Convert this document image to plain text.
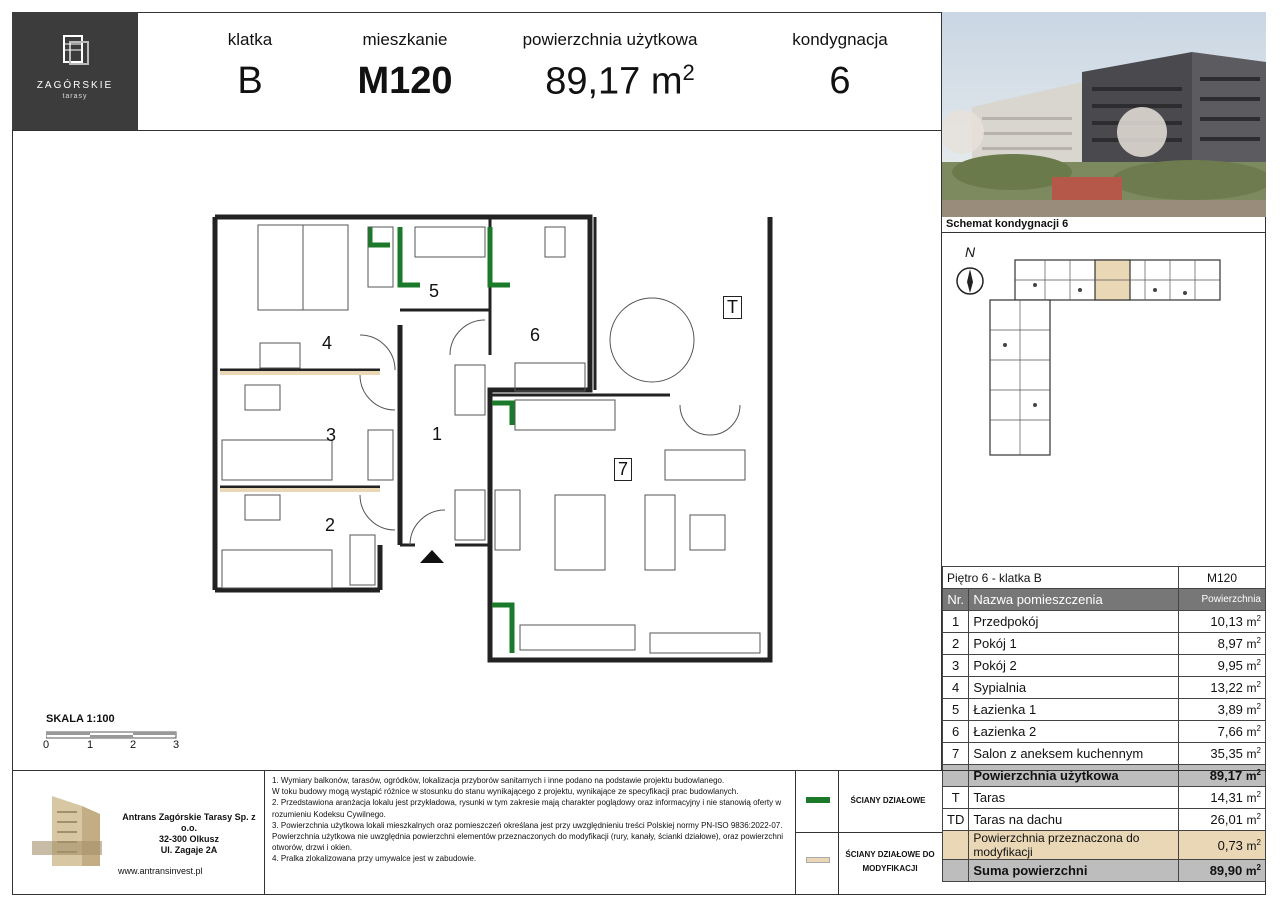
ZAGÓRSKIE
tarasy
klatka
B
mieszkanie
M120
powierzchnia użytkowa
89,17 $m^2$
kondygnacja
6
Schemat kondygnacji 6
N
1
2
3
4
5
6
7
T
SKALA 1:100
0	1	2	3
Piętro 6 - klatka B		M120
Nr.	Nazwa pomieszczenia	Powierzchnia
1	Przedpokój	10,13 $m^2$
2	Pokój 1	8,97 $m^2$
3	Pokój 2	9,95 $m^2$
4	Sypialnia	13,22 $m^2$
5	Łazienka 1	3,89 $m^2$
6	Łazienka 2	7,66 $m^2$
7	Salon z aneksem kuchennym	35,35 $m^2$
	Powierzchnia użytkowa	89,17 $m^2$
T	Taras	14,31 $m^2$
TD	Taras na dachu	26,01 $m^2$
	Powierzchnia przeznaczona do modyfikacji	0,73 $m^2$
	Suma powierzchni	89,90 $m^2$
Antrans Zagórskie Tarasy Sp. z o.o.
32-300 Olkusz
Ul. Zagaje 2A
www.antransinvest.pl
1. Wymiary balkonów, tarasów, ogródków, lokalizacja przyborów sanitarnych i inne podano na podstawie projektu budowlanego.
W toku budowy mogą wystąpić różnice w stosunku do stanu wynikającego z projektu, wynikające ze specyfikacji prac budowlanych.
2. Przedstawiona aranżacja lokalu jest przykładowa, rysunki w tym zakresie mają charakter poglądowy oraz informacyjny i nie stanowią oferty w rozumieniu Kodeksu Cywilnego.
3. Powierzchnia użytkowa lokali mieszkalnych oraz pomieszczeń określana jest przy uwzględnieniu treści Polskiej normy PN-ISO 9836:2022-07. Powierzchnia użytkowa nie uwzględnia powierzchni elementów przeznaczonych do modyfikacji (rury, kanały, ścianki działowe), oraz powierzchni otworów, drzwi i okien.
4. Pralka zlokalizowana przy umywalce jest w zabudowie.
ŚCIANY DZIAŁOWE
ŚCIANY DZIAŁOWE DO MODYFIKACJI
